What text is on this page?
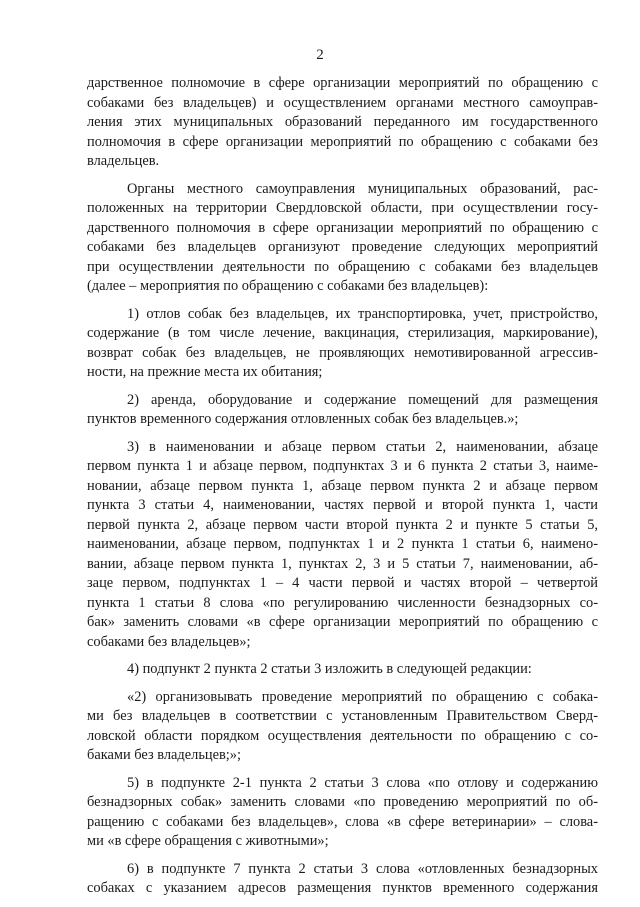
2
дарственное полномочие в сфере организации мероприятий по обращению с
собаками без владельцев) и осуществлением органами местного самоуправ-
ления этих муниципальных образований переданного им государственного
полномочия в сфере организации мероприятий по обращению с собаками без
владельцев.
Органы местного самоуправления муниципальных образований, рас-
положенных на территории Свердловской области, при осуществлении госу-
дарственного полномочия в сфере организации мероприятий по обращению с
собаками без владельцев организуют проведение следующих мероприятий
при осуществлении деятельности по обращению с собаками без владельцев
(далее – мероприятия по обращению с собаками без владельцев):
1) отлов собак без владельцев, их транспортировка, учет, пристройство,
содержание (в том числе лечение, вакцинация, стерилизация, маркирование),
возврат собак без владельцев, не проявляющих немотивированной агрессив-
ности, на прежние места их обитания;
2) аренда, оборудование и содержание помещений для размещения
пунктов временного содержания отловленных собак без владельцев.»;
3) в наименовании и абзаце первом статьи 2, наименовании, абзаце
первом пункта 1 и абзаце первом, подпунктах 3 и 6 пункта 2 статьи 3, наиме-
новании, абзаце первом пункта 1, абзаце первом пункта 2 и абзаце первом
пункта 3 статьи 4, наименовании, частях первой и второй пункта 1, части
первой пункта 2, абзаце первом части второй пункта 2 и пункте 5 статьи 5,
наименовании, абзаце первом, подпунктах 1 и 2 пункта 1 статьи 6, наимено-
вании, абзаце первом пункта 1, пунктах 2, 3 и 5 статьи 7, наименовании, аб-
заце первом, подпунктах 1 – 4 части первой и частях второй – четвертой
пункта 1 статьи 8 слова «по регулированию численности безнадзорных со-
бак» заменить словами «в сфере организации мероприятий по обращению с
собаками без владельцев»;
4) подпункт 2 пункта 2 статьи 3 изложить в следующей редакции:
«2) организовывать проведение мероприятий по обращению с собака-
ми без владельцев в соответствии с установленным Правительством Сверд-
ловской области порядком осуществления деятельности по обращению с со-
баками без владельцев;»;
5) в подпункте 2-1 пункта 2 статьи 3 слова «по отлову и содержанию
безнадзорных собак» заменить словами «по проведению мероприятий по об-
ращению с собаками без владельцев», слова «в сфере ветеринарии» – слова-
ми «в сфере обращения с животными»;
6) в подпункте 7 пункта 2 статьи 3 слова «отловленных безнадзорных
собаках с указанием адресов размещения пунктов временного содержания
